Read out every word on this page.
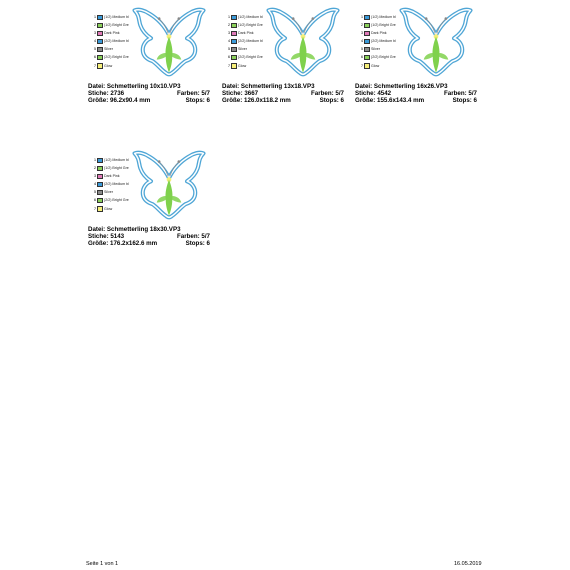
1 (1/2) Medium bl
2 (1/2) Bright Gre
3 Dark Pink
4 (2/2) Medium bl
5 Silver
6 (2/2) Bright Gre
7 Glow
Datei: Schmetterling 10x10.VP3
Stiche: 2736	Farben: 5/7
Größe: 96.2x90.4 mm	Stops: 6
1 (1/2) Medium bl
2 (1/2) Bright Gre
3 Dark Pink
4 (2/2) Medium bl
5 Silver
6 (2/2) Bright Gre
7 Glow
Datei: Schmetterling 13x18.VP3
Stiche: 3667	Farben: 5/7
Größe: 126.0x118.2 mm	Stops: 6
1 (1/2) Medium bl
2 (1/2) Bright Gre
3 Dark Pink
4 (2/2) Medium bl
5 Silver
6 (2/2) Bright Gre
7 Glow
Datei: Schmetterling 16x26.VP3
Stiche: 4542	Farben: 5/7
Größe: 155.6x143.4 mm	Stops: 6
1 (1/2) Medium bl
2 (1/2) Bright Gre
3 Dark Pink
4 (2/2) Medium bl
5 Silver
6 (2/2) Bright Gre
7 Glow
Datei: Schmetterling 18x30.VP3
Stiche: 5143	Farben: 5/7
Größe: 176.2x162.6 mm	Stops: 6
Seite 1 von 1	16.05.2019
